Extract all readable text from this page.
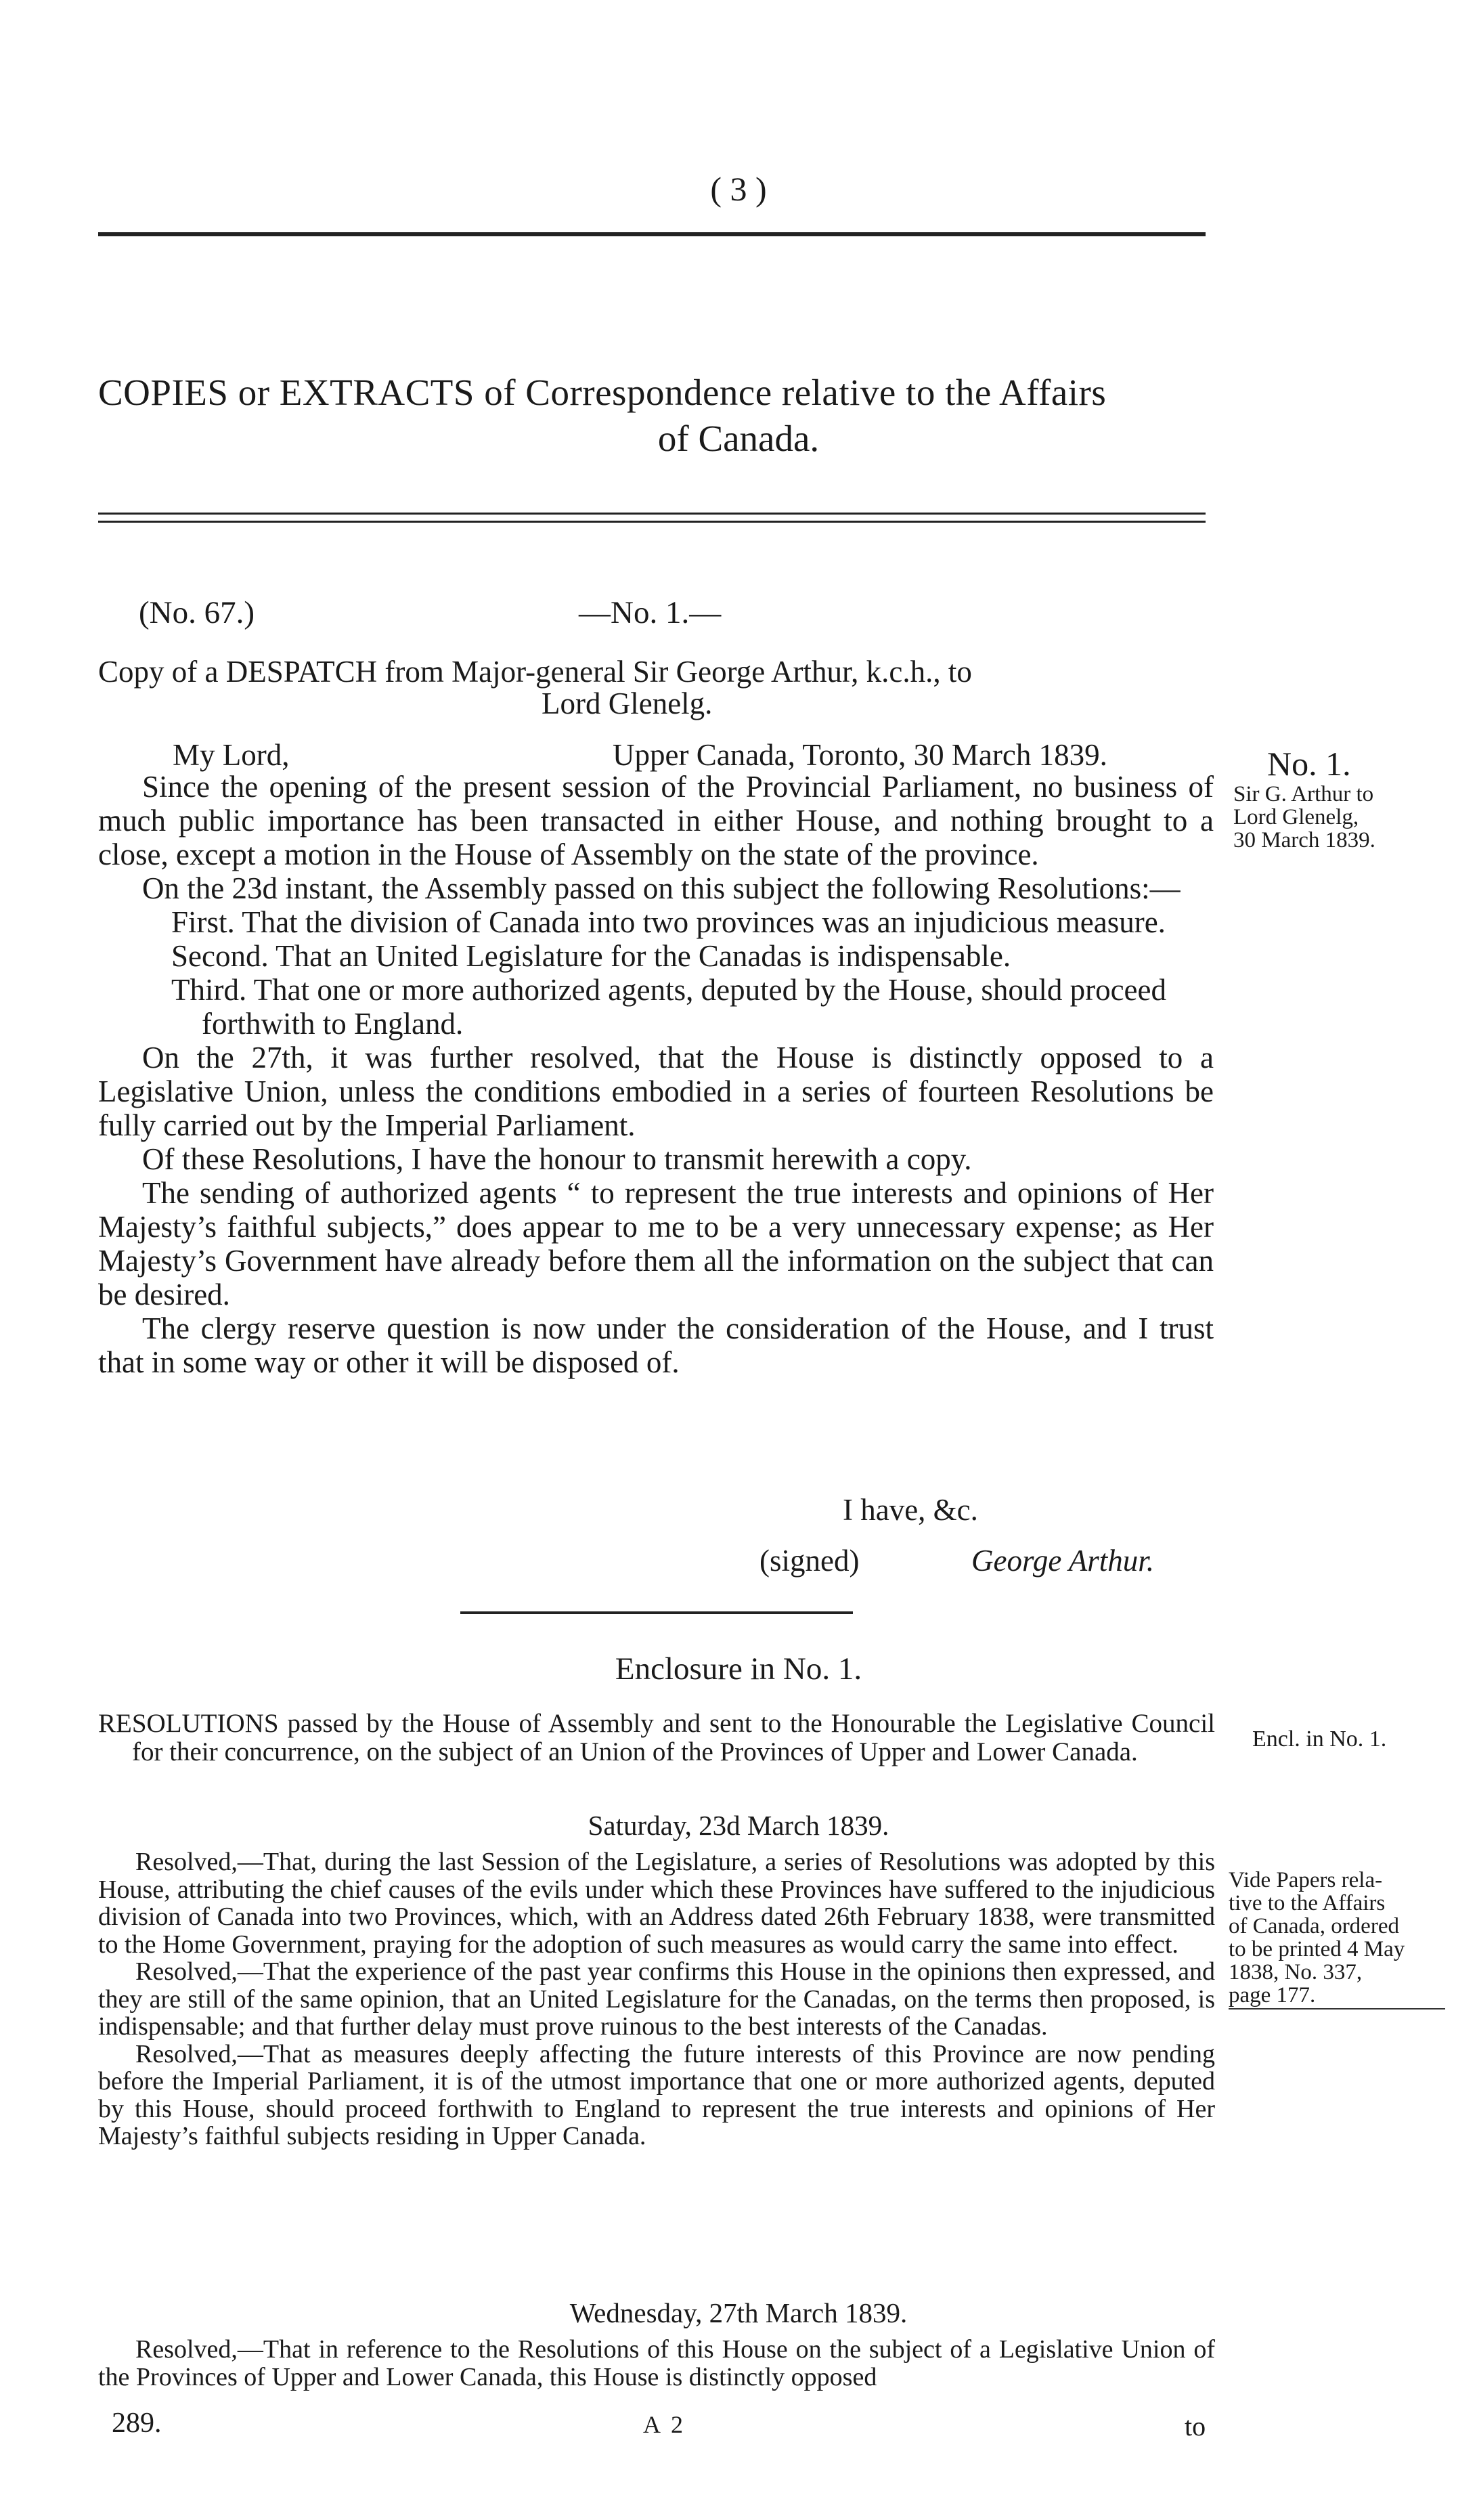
( 3 )
COPIES or EXTRACTS of Correspondence relative to the Affairs
of Canada.
(No. 67.)	—No. 1.—
Copy of a DESPATCH from Major-general Sir George Arthur, k.c.h., to
Lord Glenelg.
My Lord,	Upper Canada, Toronto, 30 March 1839.
Since the opening of the present session of the Provincial Parliament, no business of much public importance has been transacted in either House, and nothing brought to a close, except a motion in the House of Assembly on the state of the province.
On the 23d instant, the Assembly passed on this subject the following Resolutions:—
First. That the division of Canada into two provinces was an injudicious measure.
Second. That an United Legislature for the Canadas is indispensable.
Third. That one or more authorized agents, deputed by the House, should proceed forthwith to England.
On the 27th, it was further resolved, that the House is distinctly opposed to a Legislative Union, unless the conditions embodied in a series of fourteen Resolutions be fully carried out by the Imperial Parliament.
Of these Resolutions, I have the honour to transmit herewith a copy.
The sending of authorized agents “ to represent the true interests and opinions of Her Majesty’s faithful subjects,” does appear to me to be a very unnecessary expense; as Her Majesty’s Government have already before them all the information on the subject that can be desired.
The clergy reserve question is now under the consideration of the House, and I trust that in some way or other it will be disposed of.
No. 1.
Sir G. Arthur to
Lord Glenelg,
30 March 1839.
I have, &c.
(signed)	George Arthur.
Enclosure in No. 1.
RESOLUTIONS passed by the House of Assembly and sent to the Honourable the Legislative Council for their concurrence, on the subject of an Union of the Provinces of Upper and Lower Canada.	Encl. in No. 1.
Saturday, 23d March 1839.
Resolved,—That, during the last Session of the Legislature, a series of Resolutions was adopted by this House, attributing the chief causes of the evils under which these Provinces have suffered to the injudicious division of Canada into two Provinces, which, with an Address dated 26th February 1838, were transmitted to the Home Government, praying for the adoption of such measures as would carry the same into effect.
Resolved,—That the experience of the past year confirms this House in the opinions then expressed, and they are still of the same opinion, that an United Legislature for the Canadas, on the terms then proposed, is indispensable; and that further delay must prove ruinous to the best interests of the Canadas.
Resolved,—That as measures deeply affecting the future interests of this Province are now pending before the Imperial Parliament, it is of the utmost importance that one or more authorized agents, deputed by this House, should proceed forthwith to England to represent the true interests and opinions of Her Majesty’s faithful subjects residing in Upper Canada.
Vide Papers rela-
tive to the Affairs
of Canada, ordered
to be printed 4 May
1838, No. 337,
page 177.
Wednesday, 27th March 1839.
Resolved,—That in reference to the Resolutions of this House on the subject of a Legislative Union of the Provinces of Upper and Lower Canada, this House is distinctly opposed
289.	A 2	to
